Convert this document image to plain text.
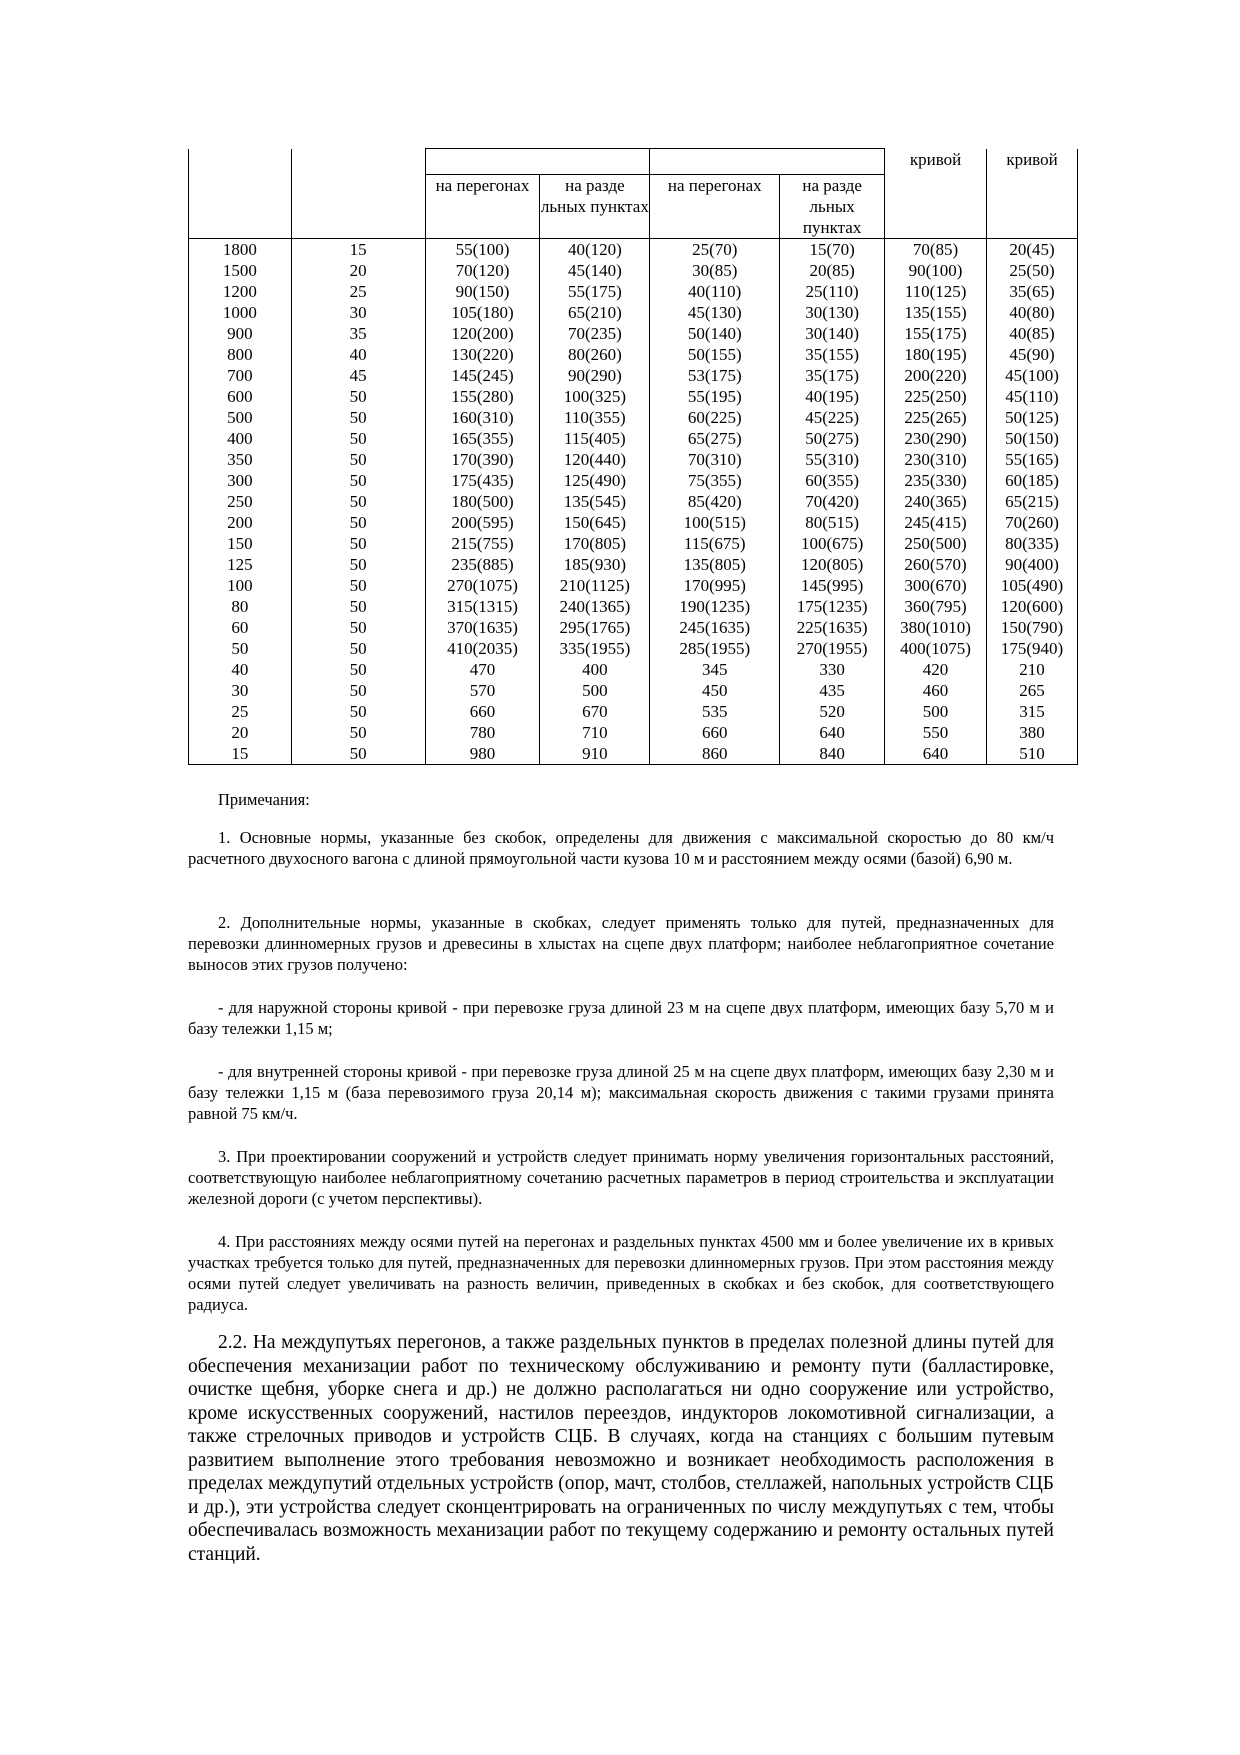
						кривой	кривой
		на перегонах	на разде льных пунктах	на перегонах	на разде льных пунктах		
1800	15	55(100)	40(120)	25(70)	15(70)	70(85)	20(45)
1500	20	70(120)	45(140)	30(85)	20(85)	90(100)	25(50)
1200	25	90(150)	55(175)	40(110)	25(110)	110(125)	35(65)
1000	30	105(180)	65(210)	45(130)	30(130)	135(155)	40(80)
900	35	120(200)	70(235)	50(140)	30(140)	155(175)	40(85)
800	40	130(220)	80(260)	50(155)	35(155)	180(195)	45(90)
700	45	145(245)	90(290)	53(175)	35(175)	200(220)	45(100)
600	50	155(280)	100(325)	55(195)	40(195)	225(250)	45(110)
500	50	160(310)	110(355)	60(225)	45(225)	225(265)	50(125)
400	50	165(355)	115(405)	65(275)	50(275)	230(290)	50(150)
350	50	170(390)	120(440)	70(310)	55(310)	230(310)	55(165)
300	50	175(435)	125(490)	75(355)	60(355)	235(330)	60(185)
250	50	180(500)	135(545)	85(420)	70(420)	240(365)	65(215)
200	50	200(595)	150(645)	100(515)	80(515)	245(415)	70(260)
150	50	215(755)	170(805)	115(675)	100(675)	250(500)	80(335)
125	50	235(885)	185(930)	135(805)	120(805)	260(570)	90(400)
100	50	270(1075)	210(1125)	170(995)	145(995)	300(670)	105(490)
80	50	315(1315)	240(1365)	190(1235)	175(1235)	360(795)	120(600)
60	50	370(1635)	295(1765)	245(1635)	225(1635)	380(1010)	150(790)
50	50	410(2035)	335(1955)	285(1955)	270(1955)	400(1075)	175(940)
40	50	470	400	345	330	420	210
30	50	570	500	450	435	460	265
25	50	660	670	535	520	500	315
20	50	780	710	660	640	550	380
15	50	980	910	860	840	640	510
Примечания:

1. Основные нормы, указанные без скобок, определены для движения с максимальной скоростью до 80 км/ч расчетного двухосного вагона с длиной прямоугольной части кузова 10 м и расстоянием между осями (базой) 6,90 м.

2. Дополнительные нормы, указанные в скобках, следует применять только для путей, предназначенных для перевозки длинномерных грузов и древесины в хлыстах на сцепе двух платформ; наиболее неблагоприятное сочетание выносов этих грузов получено:

- для наружной стороны кривой - при перевозке груза длиной 23 м на сцепе двух платформ, имеющих базу 5,70 м и базу тележки 1,15 м;

- для внутренней стороны кривой - при перевозке груза длиной 25 м на сцепе двух платформ, имеющих базу 2,30 м и базу тележки 1,15 м (база перевозимого груза 20,14 м); максимальная скорость движения с такими грузами принята равной 75 км/ч.

3. При проектировании сооружений и устройств следует принимать норму увеличения горизонтальных расстояний, соответствующую наиболее неблагоприятному сочетанию расчетных параметров в период строительства и эксплуатации железной дороги (с учетом перспективы).

4. При расстояниях между осями путей на перегонах и раздельных пунктах 4500 мм и более увеличение их в кривых участках требуется только для путей, предназначенных для перевозки длинномерных грузов. При этом расстояния между осями путей следует увеличивать на разность величин, приведенных в скобках и без скобок, для соответствующего радиуса.

2.2. На междупутьях перегонов, а также раздельных пунктов в пределах полезной длины путей для обеспечения механизации работ по техническому обслуживанию и ремонту пути (балластировке, очистке щебня, уборке снега и др.) не должно располагаться ни одно сооружение или устройство, кроме искусственных сооружений, настилов переездов, индукторов локомотивной сигнализации, а также стрелочных приводов и устройств СЦБ. В случаях, когда на станциях с большим путевым развитием выполнение этого требования невозможно и возникает необходимость расположения в пределах междупутий отдельных устройств (опор, мачт, столбов, стеллажей, напольных устройств СЦБ и др.), эти устройства следует сконцентрировать на ограниченных по числу междупутьях с тем, чтобы обеспечивалась возможность механизации работ по текущему содержанию и ремонту остальных путей станций.
